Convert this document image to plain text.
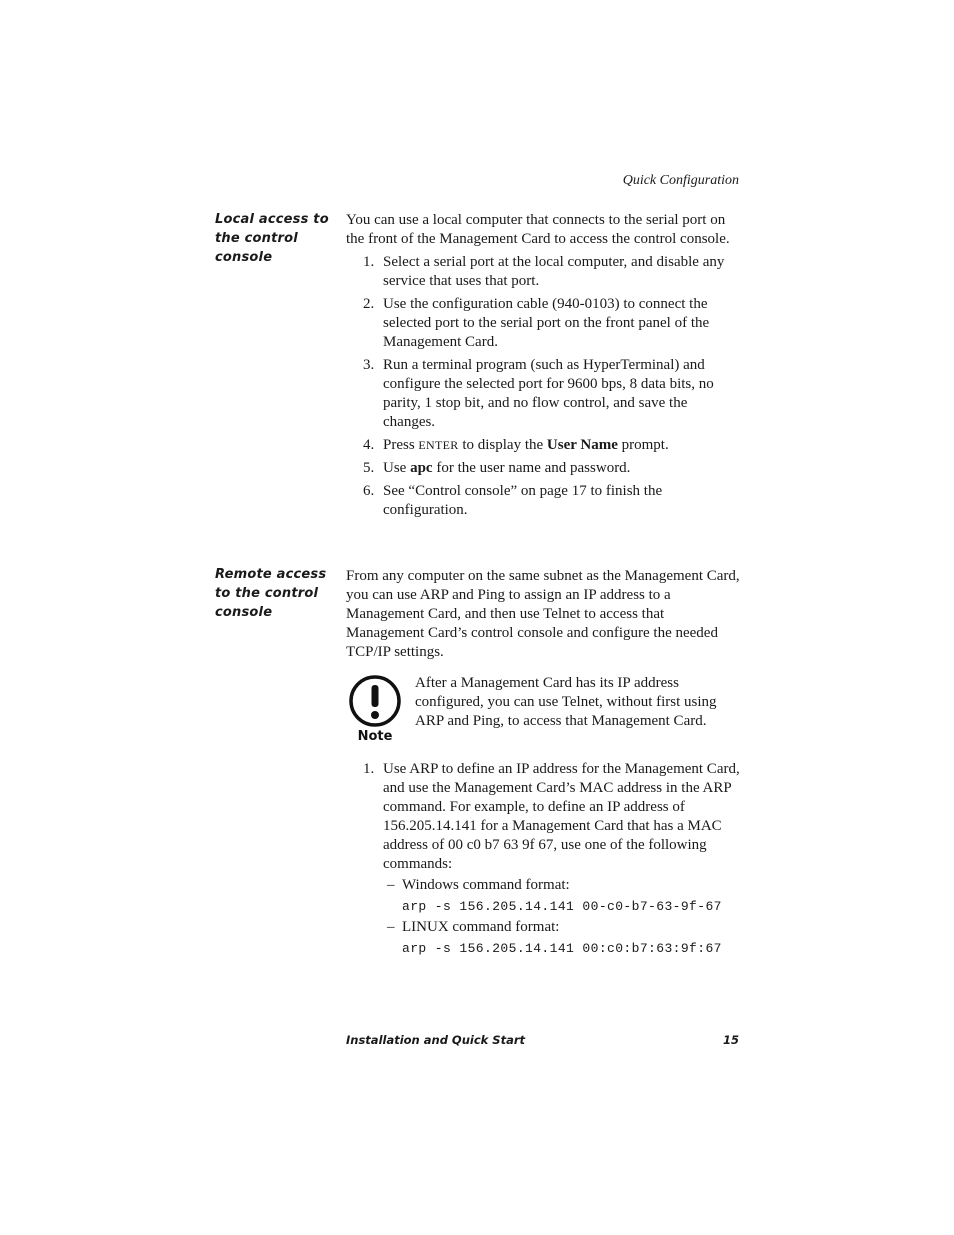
Quick Configuration
Local access to
the control
console

You can use a local computer that connects to the serial port on the front of the Management Card to access the control console.

1. Select a serial port at the local computer, and disable any service that uses that port.
2. Use the configuration cable (940-0103) to connect the selected port to the serial port on the front panel of the Management Card.
3. Run a terminal program (such as HyperTerminal) and configure the selected port for 9600 bps, 8 data bits, no parity, 1 stop bit, and no flow control, and save the changes.
4. Press ENTER to display the User Name prompt.
5. Use apc for the user name and password.
6. See “Control console” on page 17 to finish the configuration.
Remote access
to the control
console

From any computer on the same subnet as the Management Card, you can use ARP and Ping to assign an IP address to a Management Card, and then use Telnet to access that Management Card’s control console and configure the needed TCP/IP settings.

Note
After a Management Card has its IP address configured, you can use Telnet, without first using ARP and Ping, to access that Management Card.
1. Use ARP to define an IP address for the Management Card, and use the Management Card’s MAC address in the ARP command. For example, to define an IP address of 156.205.14.141 for a Management Card that has a MAC address of 00 c0 b7 63 9f 67, use one of the following commands:
– Windows command format:
arp -s 156.205.14.141 00-c0-b7-63-9f-67
– LINUX command format:
arp -s 156.205.14.141 00:c0:b7:63:9f:67
Installation and Quick Start	15
